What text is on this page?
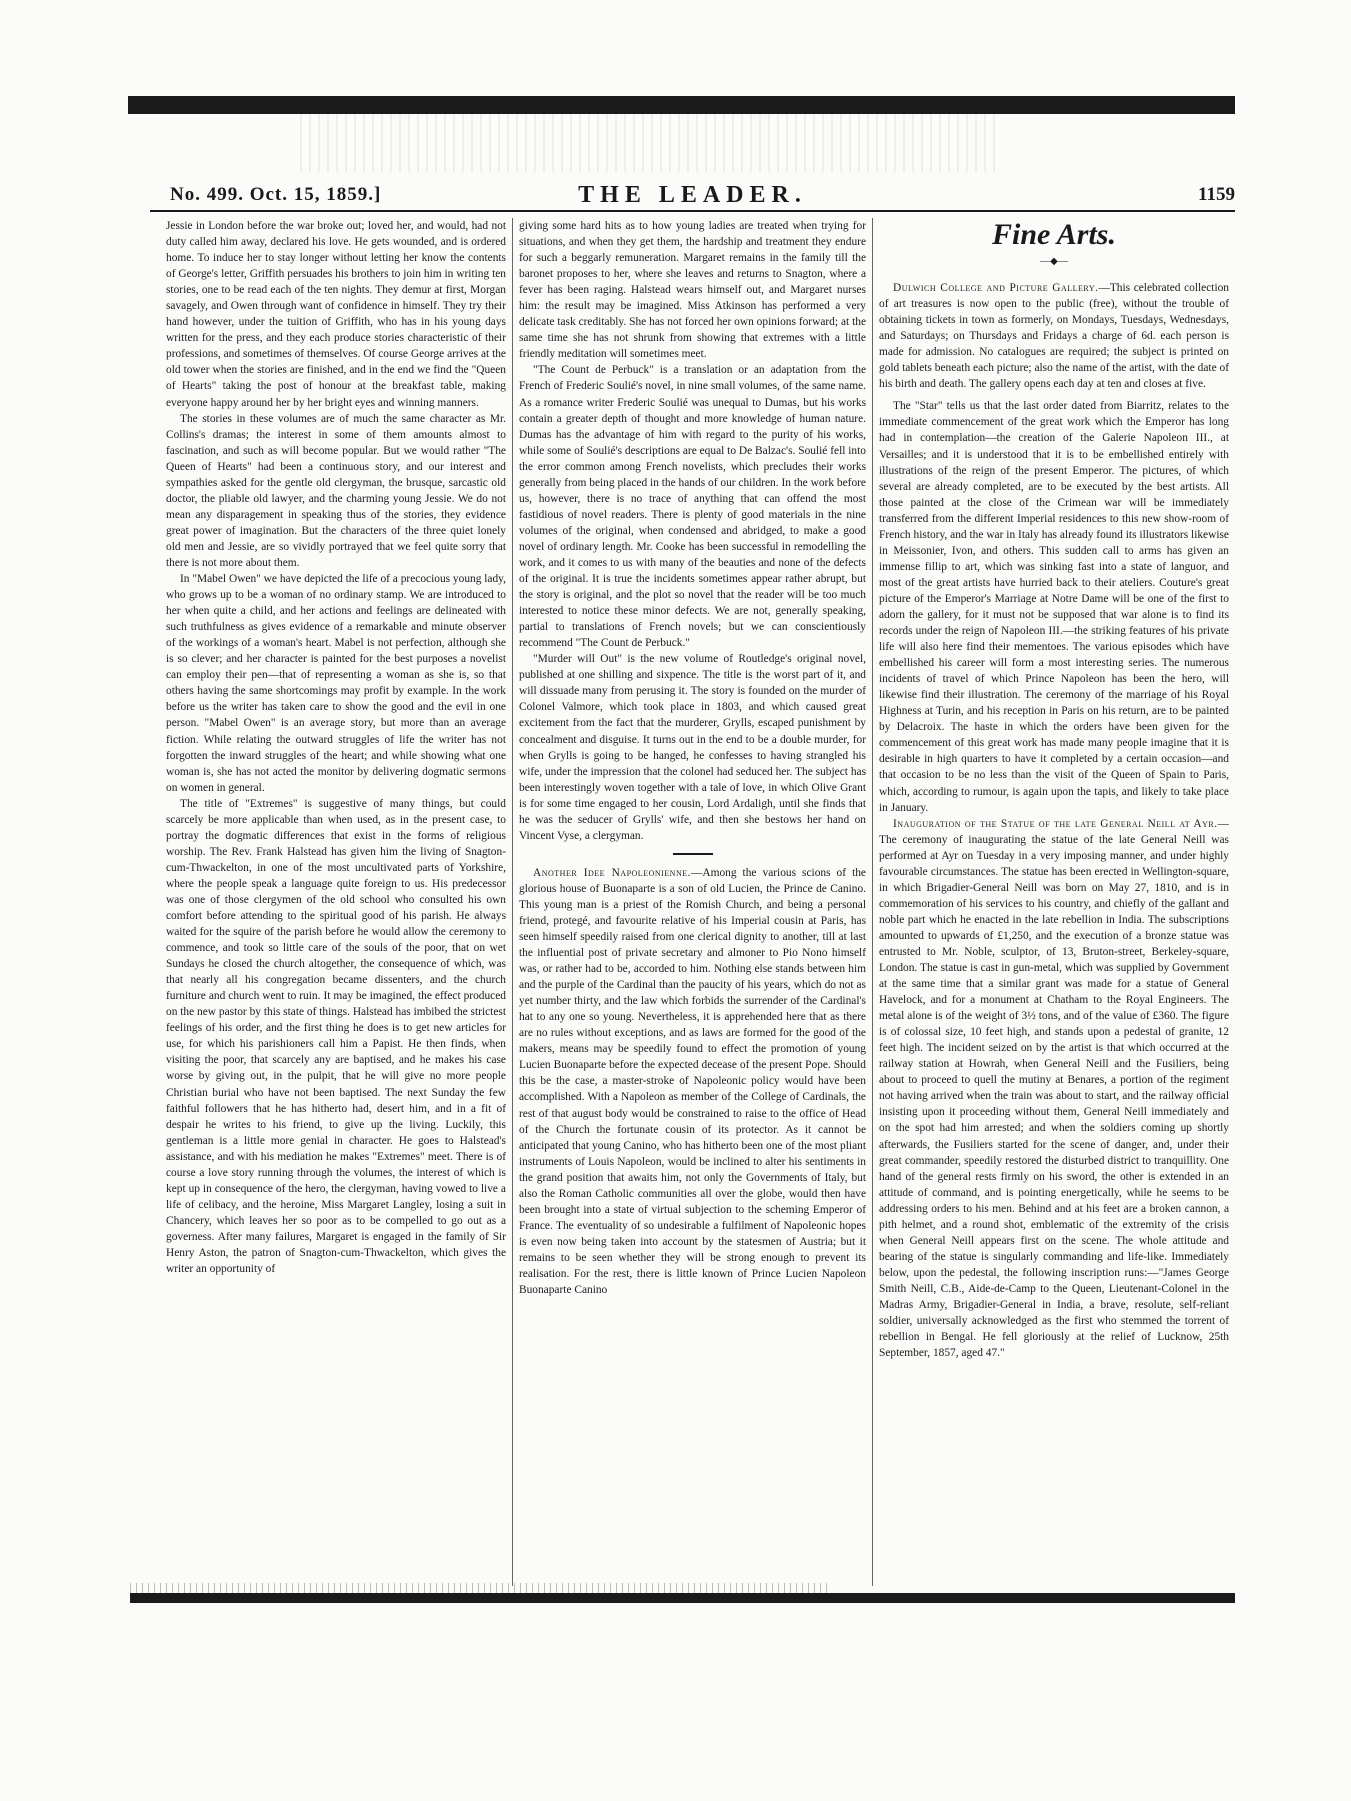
No. 499. Oct. 15, 1859.]	THE LEADER.	1159

Jessie in London before the war broke out; loved her, and would, had not duty called him away, declared his love. He gets wounded, and is ordered home. To induce her to stay longer without letting her know the contents of George's letter, Griffith persuades his brothers to join him in writing ten stories, one to be read each of the ten nights. They demur at first, Morgan savagely, and Owen through want of confidence in himself. They try their hand however, under the tuition of Griffith, who has in his young days written for the press, and they each produce stories characteristic of their professions, and sometimes of themselves. Of course George arrives at the old tower when the stories are finished, and in the end we find the "Queen of Hearts" taking the post of honour at the breakfast table, making everyone happy around her by her bright eyes and winning manners.

The stories in these volumes are of much the same character as Mr. Collins's dramas; the interest in some of them amounts almost to fascination, and such as will become popular. But we would rather "The Queen of Hearts" had been a continuous story, and our interest and sympathies asked for the gentle old clergyman, the brusque, sarcastic old doctor, the pliable old lawyer, and the charming young Jessie. We do not mean any disparagement in speaking thus of the stories, they evidence great power of imagination. But the characters of the three quiet lonely old men and Jessie, are so vividly portrayed that we feel quite sorry that there is not more about them.

In "Mabel Owen" we have depicted the life of a precocious young lady, who grows up to be a woman of no ordinary stamp. We are introduced to her when quite a child, and her actions and feelings are delineated with such truthfulness as gives evidence of a remarkable and minute observer of the workings of a woman's heart. Mabel is not perfection, although she is so clever; and her character is painted for the best purposes a novelist can employ their pen—that of representing a woman as she is, so that others having the same shortcomings may profit by example. In the work before us the writer has taken care to show the good and the evil in one person. "Mabel Owen" is an average story, but more than an average fiction. While relating the outward struggles of life the writer has not forgotten the inward struggles of the heart; and while showing what one woman is, she has not acted the monitor by delivering dogmatic sermons on women in general.

The title of "Extremes" is suggestive of many things, but could scarcely be more applicable than when used, as in the present case, to portray the dogmatic differences that exist in the forms of religious worship. The Rev. Frank Halstead has given him the living of Snagton-cum-Thwackelton, in one of the most uncultivated parts of Yorkshire, where the people speak a language quite foreign to us. His predecessor was one of those clergymen of the old school who consulted his own comfort before attending to the spiritual good of his parish. He always waited for the squire of the parish before he would allow the ceremony to commence, and took so little care of the souls of the poor, that on wet Sundays he closed the church altogether, the consequence of which, was that nearly all his congregation became dissenters, and the church furniture and church went to ruin. It may be imagined, the effect produced on the new pastor by this state of things. Halstead has imbibed the strictest feelings of his order, and the first thing he does is to get new articles for use, for which his parishioners call him a Papist. He then finds, when visiting the poor, that scarcely any are baptised, and he makes his case worse by giving out, in the pulpit, that he will give no more people Christian burial who have not been baptised. The next Sunday the few faithful followers that he has hitherto had, desert him, and in a fit of despair he writes to his friend, to give up the living. Luckily, this gentleman is a little more genial in character. He goes to Halstead's assistance, and with his mediation he makes "Extremes" meet. There is of course a love story running through the volumes, the interest of which is kept up in consequence of the hero, the clergyman, having vowed to live a life of celibacy, and the heroine, Miss Margaret Langley, losing a suit in Chancery, which leaves her so poor as to be compelled to go out as a governess. After many failures, Margaret is engaged in the family of Sir Henry Aston, the patron of Snagton-cum-Thwackelton, which gives the writer an opportunity of

giving some hard hits as to how young ladies are treated when trying for situations, and when they get them, the hardship and treatment they endure for such a beggarly remuneration. Margaret remains in the family till the baronet proposes to her, where she leaves and returns to Snagton, where a fever has been raging. Halstead wears himself out, and Margaret nurses him: the result may be imagined. Miss Atkinson has performed a very delicate task creditably. She has not forced her own opinions forward; at the same time she has not shrunk from showing that extremes with a little friendly meditation will sometimes meet.

"The Count de Perbuck" is a translation or an adaptation from the French of Frederic Soulié's novel, in nine small volumes, of the same name. As a romance writer Frederic Soulié was unequal to Dumas, but his works contain a greater depth of thought and more knowledge of human nature. Dumas has the advantage of him with regard to the purity of his works, while some of Soulié's descriptions are equal to De Balzac's. Soulié fell into the error common among French novelists, which precludes their works generally from being placed in the hands of our children. In the work before us, however, there is no trace of anything that can offend the most fastidious of novel readers. There is plenty of good materials in the nine volumes of the original, when condensed and abridged, to make a good novel of ordinary length. Mr. Cooke has been successful in remodelling the work, and it comes to us with many of the beauties and none of the defects of the original. It is true the incidents sometimes appear rather abrupt, but the story is original, and the plot so novel that the reader will be too much interested to notice these minor defects. We are not, generally speaking, partial to translations of French novels; but we can conscientiously recommend "The Count de Perbuck."

"Murder will Out" is the new volume of Routledge's original novel, published at one shilling and sixpence. The title is the worst part of it, and will dissuade many from perusing it. The story is founded on the murder of Colonel Valmore, which took place in 1803, and which caused great excitement from the fact that the murderer, Grylls, escaped punishment by concealment and disguise. It turns out in the end to be a double murder, for when Grylls is going to be hanged, he confesses to having strangled his wife, under the impression that the colonel had seduced her. The subject has been interestingly woven together with a tale of love, in which Olive Grant is for some time engaged to her cousin, Lord Ardaligh, until she finds that he was the seducer of Grylls' wife, and then she bestows her hand on Vincent Vyse, a clergyman.

Another Idee Napoleonienne.—Among the various scions of the glorious house of Buonaparte is a son of old Lucien, the Prince de Canino. This young man is a priest of the Romish Church, and being a personal friend, protegé, and favourite relative of his Imperial cousin at Paris, has seen himself speedily raised from one clerical dignity to another, till at last the influential post of private secretary and almoner to Pio Nono himself was, or rather had to be, accorded to him. Nothing else stands between him and the purple of the Cardinal than the paucity of his years, which do not as yet number thirty, and the law which forbids the surrender of the Cardinal's hat to any one so young. Nevertheless, it is apprehended here that as there are no rules without exceptions, and as laws are formed for the good of the makers, means may be speedily found to effect the promotion of young Lucien Buonaparte before the expected decease of the present Pope. Should this be the case, a master-stroke of Napoleonic policy would have been accomplished. With a Napoleon as member of the College of Cardinals, the rest of that august body would be constrained to raise to the office of Head of the Church the fortunate cousin of its protector. As it cannot be anticipated that young Canino, who has hitherto been one of the most pliant instruments of Louis Napoleon, would be inclined to alter his sentiments in the grand position that awaits him, not only the Governments of Italy, but also the Roman Catholic communities all over the globe, would then have been brought into a state of virtual subjection to the scheming Emperor of France. The eventuality of so undesirable a fulfilment of Napoleonic hopes is even now being taken into account by the statesmen of Austria; but it remains to be seen whether they will be strong enough to prevent its realisation. For the rest, there is little known of Prince Lucien Napoleon Buonaparte Canino

Fine Arts.
—◆—

Dulwich College and Picture Gallery.—This celebrated collection of art treasures is now open to the public (free), without the trouble of obtaining tickets in town as formerly, on Mondays, Tuesdays, Wednesdays, and Saturdays; on Thursdays and Fridays a charge of 6d. each person is made for admission. No catalogues are required; the subject is printed on gold tablets beneath each picture; also the name of the artist, with the date of his birth and death. The gallery opens each day at ten and closes at five.

The "Star" tells us that the last order dated from Biarritz, relates to the immediate commencement of the great work which the Emperor has long had in contemplation—the creation of the Galerie Napoleon III., at Versailles; and it is understood that it is to be embellished entirely with illustrations of the reign of the present Emperor. The pictures, of which several are already completed, are to be executed by the best artists. All those painted at the close of the Crimean war will be immediately transferred from the different Imperial residences to this new show-room of French history, and the war in Italy has already found its illustrators likewise in Meissonier, Ivon, and others. This sudden call to arms has given an immense fillip to art, which was sinking fast into a state of languor, and most of the great artists have hurried back to their ateliers. Couture's great picture of the Emperor's Marriage at Notre Dame will be one of the first to adorn the gallery, for it must not be supposed that war alone is to find its records under the reign of Napoleon III.—the striking features of his private life will also here find their mementoes. The various episodes which have embellished his career will form a most interesting series. The numerous incidents of travel of which Prince Napoleon has been the hero, will likewise find their illustration. The ceremony of the marriage of his Royal Highness at Turin, and his reception in Paris on his return, are to be painted by Delacroix. The haste in which the orders have been given for the commencement of this great work has made many people imagine that it is desirable in high quarters to have it completed by a certain occasion—and that occasion to be no less than the visit of the Queen of Spain to Paris, which, according to rumour, is again upon the tapis, and likely to take place in January.

Inauguration of the Statue of the late General Neill at Ayr.—The ceremony of inaugurating the statue of the late General Neill was performed at Ayr on Tuesday in a very imposing manner, and under highly favourable circumstances. The statue has been erected in Wellington-square, in which Brigadier-General Neill was born on May 27, 1810, and is in commemoration of his services to his country, and chiefly of the gallant and noble part which he enacted in the late rebellion in India. The subscriptions amounted to upwards of £1,250, and the execution of a bronze statue was entrusted to Mr. Noble, sculptor, of 13, Bruton-street, Berkeley-square, London. The statue is cast in gun-metal, which was supplied by Government at the same time that a similar grant was made for a statue of General Havelock, and for a monument at Chatham to the Royal Engineers. The metal alone is of the weight of 3½ tons, and of the value of £360. The figure is of colossal size, 10 feet high, and stands upon a pedestal of granite, 12 feet high. The incident seized on by the artist is that which occurred at the railway station at Howrah, when General Neill and the Fusiliers, being about to proceed to quell the mutiny at Benares, a portion of the regiment not having arrived when the train was about to start, and the railway official insisting upon it proceeding without them, General Neill immediately and on the spot had him arrested; and when the soldiers coming up shortly afterwards, the Fusiliers started for the scene of danger, and, under their great commander, speedily restored the disturbed district to tranquillity. One hand of the general rests firmly on his sword, the other is extended in an attitude of command, and is pointing energetically, while he seems to be addressing orders to his men. Behind and at his feet are a broken cannon, a pith helmet, and a round shot, emblematic of the extremity of the crisis when General Neill appears first on the scene. The whole attitude and bearing of the statue is singularly commanding and life-like. Immediately below, upon the pedestal, the following inscription runs:—"James George Smith Neill, C.B., Aide-de-Camp to the Queen, Lieutenant-Colonel in the Madras Army, Brigadier-General in India, a brave, resolute, self-reliant soldier, universally acknowledged as the first who stemmed the torrent of rebellion in Bengal. He fell gloriously at the relief of Lucknow, 25th September, 1857, aged 47."
